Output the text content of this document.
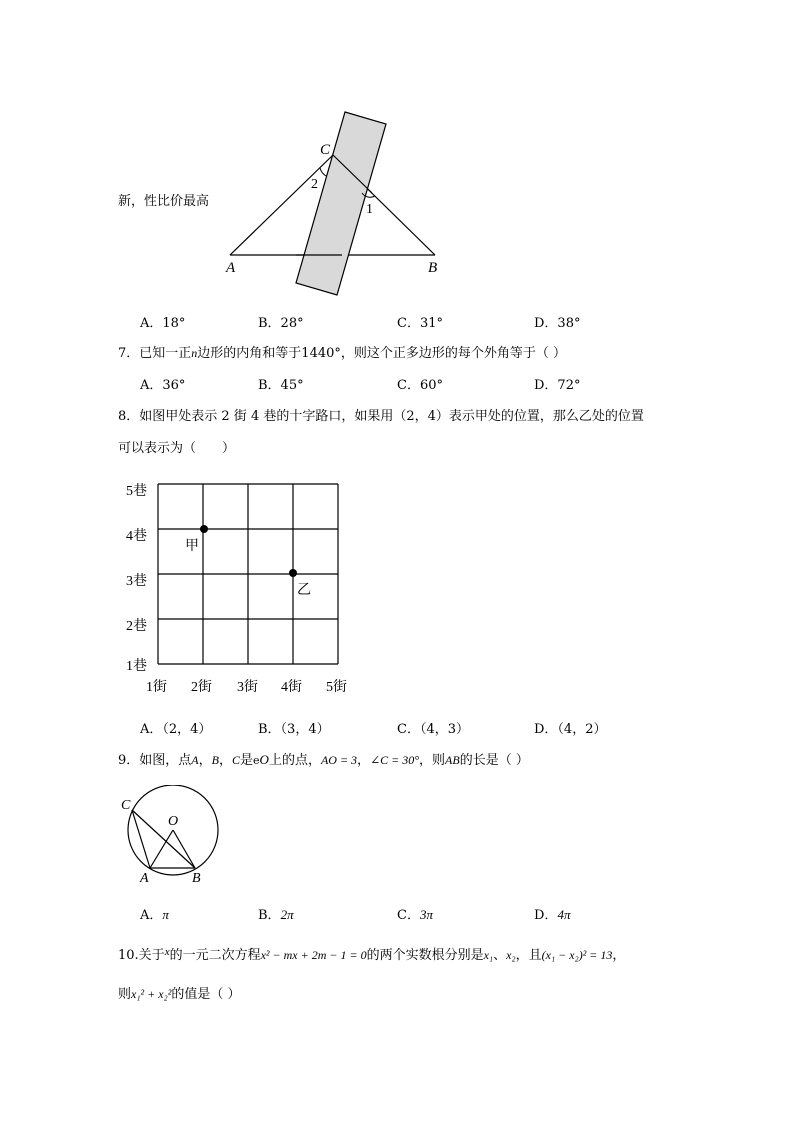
新，性比价最高
C
2
1
A	B
A．18°	B．28°	C．31°	D．38°
7．已知一正n边形的内角和等于1440°，则这个正多边形的每个外角等于（ ）
A．36°	B．45°	C．60°	D．72°
8．如图甲处表示 2 街 4 巷的十字路口，如果用（2，4）表示甲处的位置，那么乙处的位置
可以表示为（　　）
5巷
4巷
3巷
2巷
1巷
1街 2街 3街 4街 5街
甲
乙
A．（2，4）	B．（3，4）	C．（4，3）	D．（4，2）
9．如图，点A，B，C是eO上的点，AO = 3，∠C = 30°，则AB的长是（ ）
C
O
A	B
A．π	B．2π	C．3π	D．4π
10.关于$^x$的一元二次方程x² − mx + 2m − 1 = 0的两个实数根分别是x₁、x₂，且(x₁ − x₂)² = 13，
则x₁² + x₂²的值是（ ）
